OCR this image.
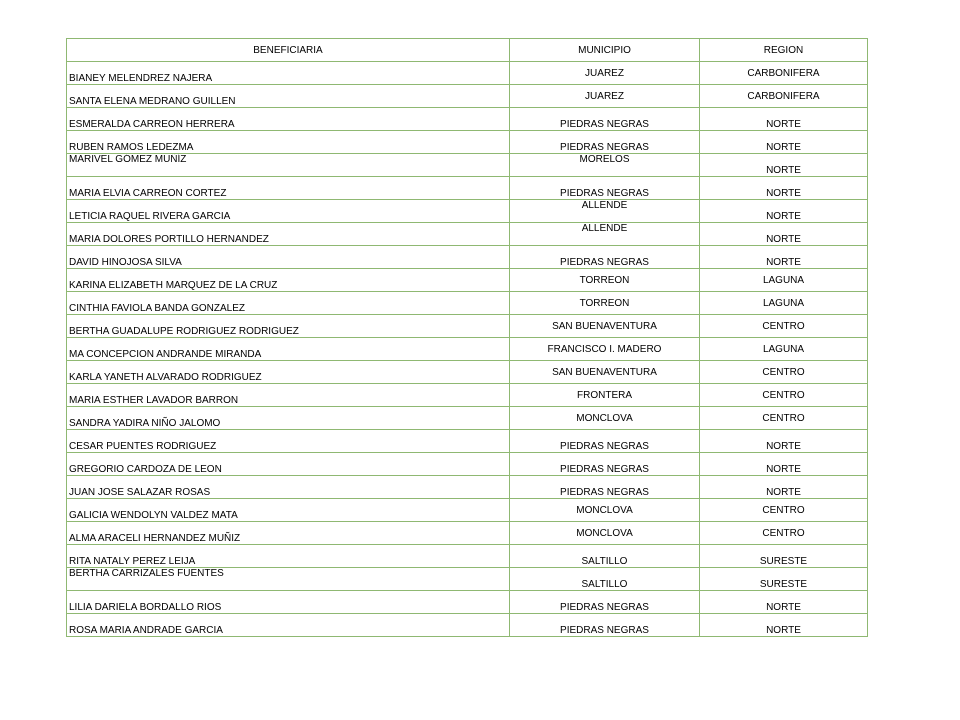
BENEFICIARIA	MUNICIPIO	REGION
BIANEY MELENDREZ NAJERA	JUAREZ	CARBONIFERA
SANTA ELENA MEDRANO GUILLEN	JUAREZ	CARBONIFERA
ESMERALDA CARREON HERRERA	PIEDRAS NEGRAS	NORTE
RUBEN RAMOS LEDEZMA	PIEDRAS NEGRAS	NORTE
MARIVEL GÓMEZ MUÑÍZ	MORELOS	NORTE
MARIA ELVIA CARREON CORTEZ	PIEDRAS NEGRAS	NORTE
LETICIA RAQUEL RIVERA GARCIA	ALLENDE	NORTE
MARIA DOLORES PORTILLO HERNANDEZ	ALLENDE	NORTE
DAVID HINOJOSA SILVA	PIEDRAS NEGRAS	NORTE
KARINA ELIZABETH MARQUEZ DE LA CRUZ	TORREON	LAGUNA
CINTHIA FAVIOLA BANDA GONZALEZ	TORREON	LAGUNA
BERTHA GUADALUPE RODRIGUEZ RODRIGUEZ	SAN BUENAVENTURA	CENTRO
MA CONCEPCION ANDRANDE MIRANDA	FRANCISCO I. MADERO	LAGUNA
KARLA YANETH ALVARADO RODRIGUEZ	SAN BUENAVENTURA	CENTRO
MARIA ESTHER LAVADOR BARRON	FRONTERA	CENTRO
SANDRA YADIRA NIÑO JALOMO	MONCLOVA	CENTRO
CESAR PUENTES RODRIGUEZ	PIEDRAS NEGRAS	NORTE
GREGORIO CARDOZA DE LEON	PIEDRAS NEGRAS	NORTE
JUAN JOSE SALAZAR ROSAS	PIEDRAS NEGRAS	NORTE
GALICIA WENDOLYN VALDEZ MATA	MONCLOVA	CENTRO
ALMA ARACELI HERNANDEZ MUÑIZ	MONCLOVA	CENTRO
RITA NATALY PEREZ LEIJA	SALTILLO	SURESTE
BERTHA CARRIZALES FUENTES	SALTILLO	SURESTE
LILIA DARIELA BORDALLO RIOS	PIEDRAS NEGRAS	NORTE
ROSA MARIA ANDRADE GARCIA	PIEDRAS NEGRAS	NORTE
